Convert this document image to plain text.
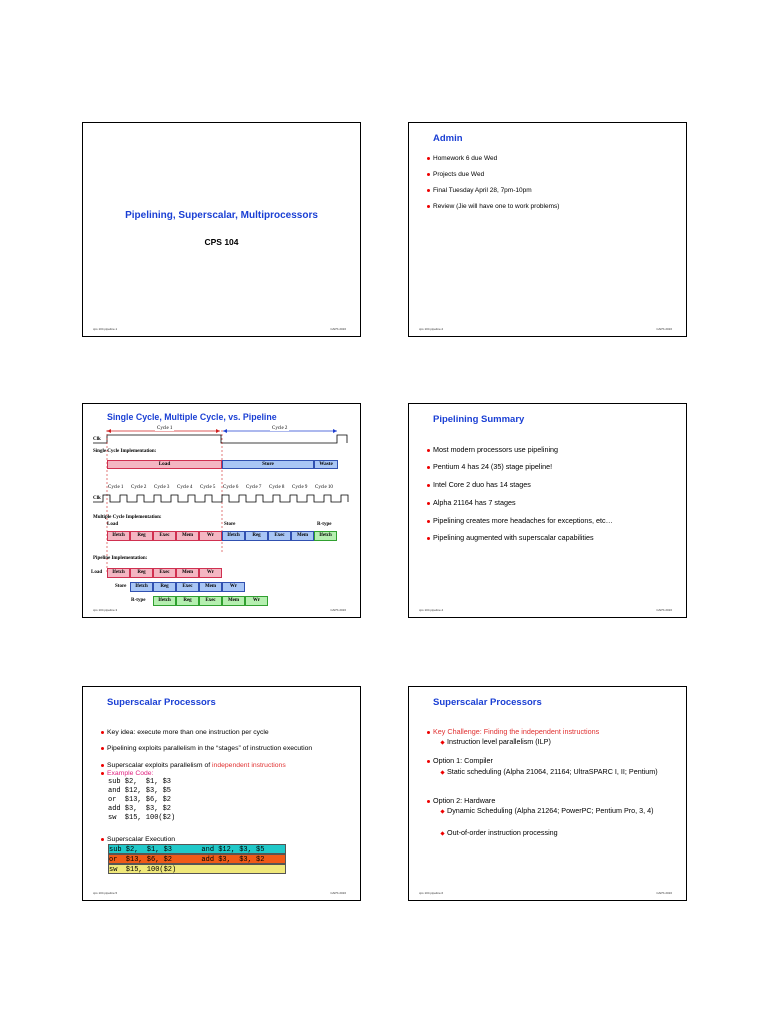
Pipelining, Superscalar, Multiprocessors
CPS 104
cps 104 pipeline.1	CAPS 2016
Admin
Homework 6 due Wed
Projects due Wed
Final Tuesday April 28, 7pm-10pm
Review (Jie will have one to work problems)
cps 104 pipeline.2	CAPS 2016
Single Cycle, Multiple Cycle, vs. Pipeline
Cycle 1	Cycle 2
Clk
Single Cycle Implementation:
Load	Store	Waste
Cycle 1 Cycle 2 Cycle 3 Cycle 4 Cycle 5 Cycle 6 Cycle 7 Cycle 8 Cycle 9 Cycle 10
Clk
Multiple Cycle Implementation:
Load	Store	R-type
Ifetch	Reg	Exec	Mem	Wr	Ifetch	Reg	Exec	Mem	Ifetch
Pipeline Implementation:
Load	Ifetch	Reg	Exec	Mem	Wr
Store	Ifetch	Reg	Exec	Mem	Wr
R-type	Ifetch	Reg	Exec	Mem	Wr
cps 104 pipeline.3	CAPS 2016
Pipelining Summary
Most modern processors use pipelining
Pentium 4 has 24 (35) stage pipeline!
Intel Core 2 duo has 14 stages
Alpha 21164 has 7 stages
Pipelining creates more headaches for exceptions, etc…
Pipelining augmented with superscalar capabilities
cps 104 pipeline.4	CAPS 2016
Superscalar Processors
Key idea: execute more than one instruction per cycle
Pipelining exploits parallelism in the “stages” of instruction execution
Superscalar exploits parallelism of independent instructions
Example Code:
sub $2,  $1, $3
and $12, $3, $5
or  $13, $6, $2
add $3,  $3, $2
sw  $15, 100($2)
Superscalar Execution
sub $2,  $1, $3       and $12, $3, $5
or  $13, $6, $2       add $3,  $3, $2
sw  $15, 100($2)
cps 104 pipeline.5	CAPS 2016
Superscalar Processors
Key Challenge: Finding the independent instructions
Instruction level parallelism (ILP)
Option 1: Compiler
Static scheduling (Alpha 21064, 21164; UltraSPARC I, II; Pentium)
Option 2: Hardware
Dynamic Scheduling (Alpha 21264; PowerPC; Pentium Pro, 3, 4)
Out-of-order instruction processing
cps 104 pipeline.6	CAPS 2016
